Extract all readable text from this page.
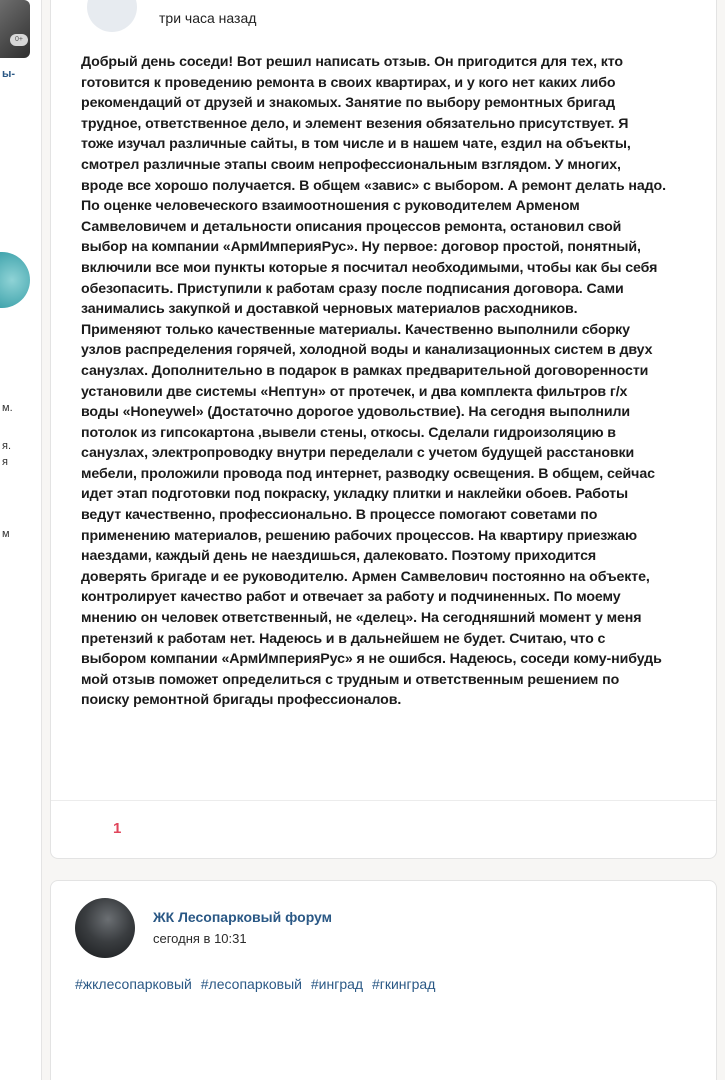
0+
ы-
м.
я.
я
м
три часа назад
Добрый день соседи! Вот решил написать отзыв. Он пригодится для тех, кто
готовится к проведению ремонта в своих квартирах, и у кого нет каких либо
рекомендаций от друзей и знакомых. Занятие по выбору ремонтных бригад
трудное, ответственное дело, и элемент везения обязательно присутствует. Я
тоже изучал различные сайты, в том числе и в нашем чате, ездил на объекты,
смотрел различные этапы своим непрофессиональным взглядом. У многих,
вроде все хорошо получается. В общем «завис» с выбором. А ремонт делать надо.
По оценке человеческого взаимоотношения с руководителем Арменом
Самвеловичем и детальности описания процессов ремонта, остановил свой
выбор на компании «АрмИмперияРус». Ну первое: договор простой, понятный,
включили все мои пункты которые я посчитал необходимыми, чтобы как бы себя
обезопасить. Приступили к работам сразу после подписания договора. Сами
занимались закупкой и доставкой черновых материалов расходников.
Применяют только качественные материалы. Качественно выполнили сборку
узлов распределения горячей, холодной воды и канализационных систем в двух
санузлах. Дополнительно в подарок в рамках предварительной договоренности
установили две системы «Нептун» от протечек, и два комплекта фильтров г/х
воды «Honeywel» (Достаточно дорогое удовольствие). На сегодня выполнили
потолок из гипсокартона ,вывели стены, откосы. Сделали гидроизоляцию в
санузлах, электропроводку внутри переделали с учетом будущей расстановки
мебели, проложили провода под интернет, разводку освещения. В общем, сейчас
идет этап подготовки под покраску, укладку плитки и наклейки обоев. Работы
ведут качественно, профессионально. В процессе помогают советами по
применению материалов, решению рабочих процессов. На квартиру приезжаю
наездами, каждый день не наездишься, далековато. Поэтому приходится
доверять бригаде и ее руководителю. Армен Самвелович постоянно на объекте,
контролирует качество работ и отвечает за работу и подчиненных. По моему
мнению он человек ответственный, не «делец». На сегодняшний момент у меня
претензий к работам нет. Надеюсь и в дальнейшем не будет. Считаю, что с
выбором компании «АрмИмперияРус» я не ошибся. Надеюсь, соседи кому-нибудь
мой отзыв поможет определиться с трудным и ответственным решением по
поиску ремонтной бригады профессионалов.
1
ЖК Лесопарковый форум
сегодня в 10:31
#жклесопарковый #лесопарковый #инград #гкинград
